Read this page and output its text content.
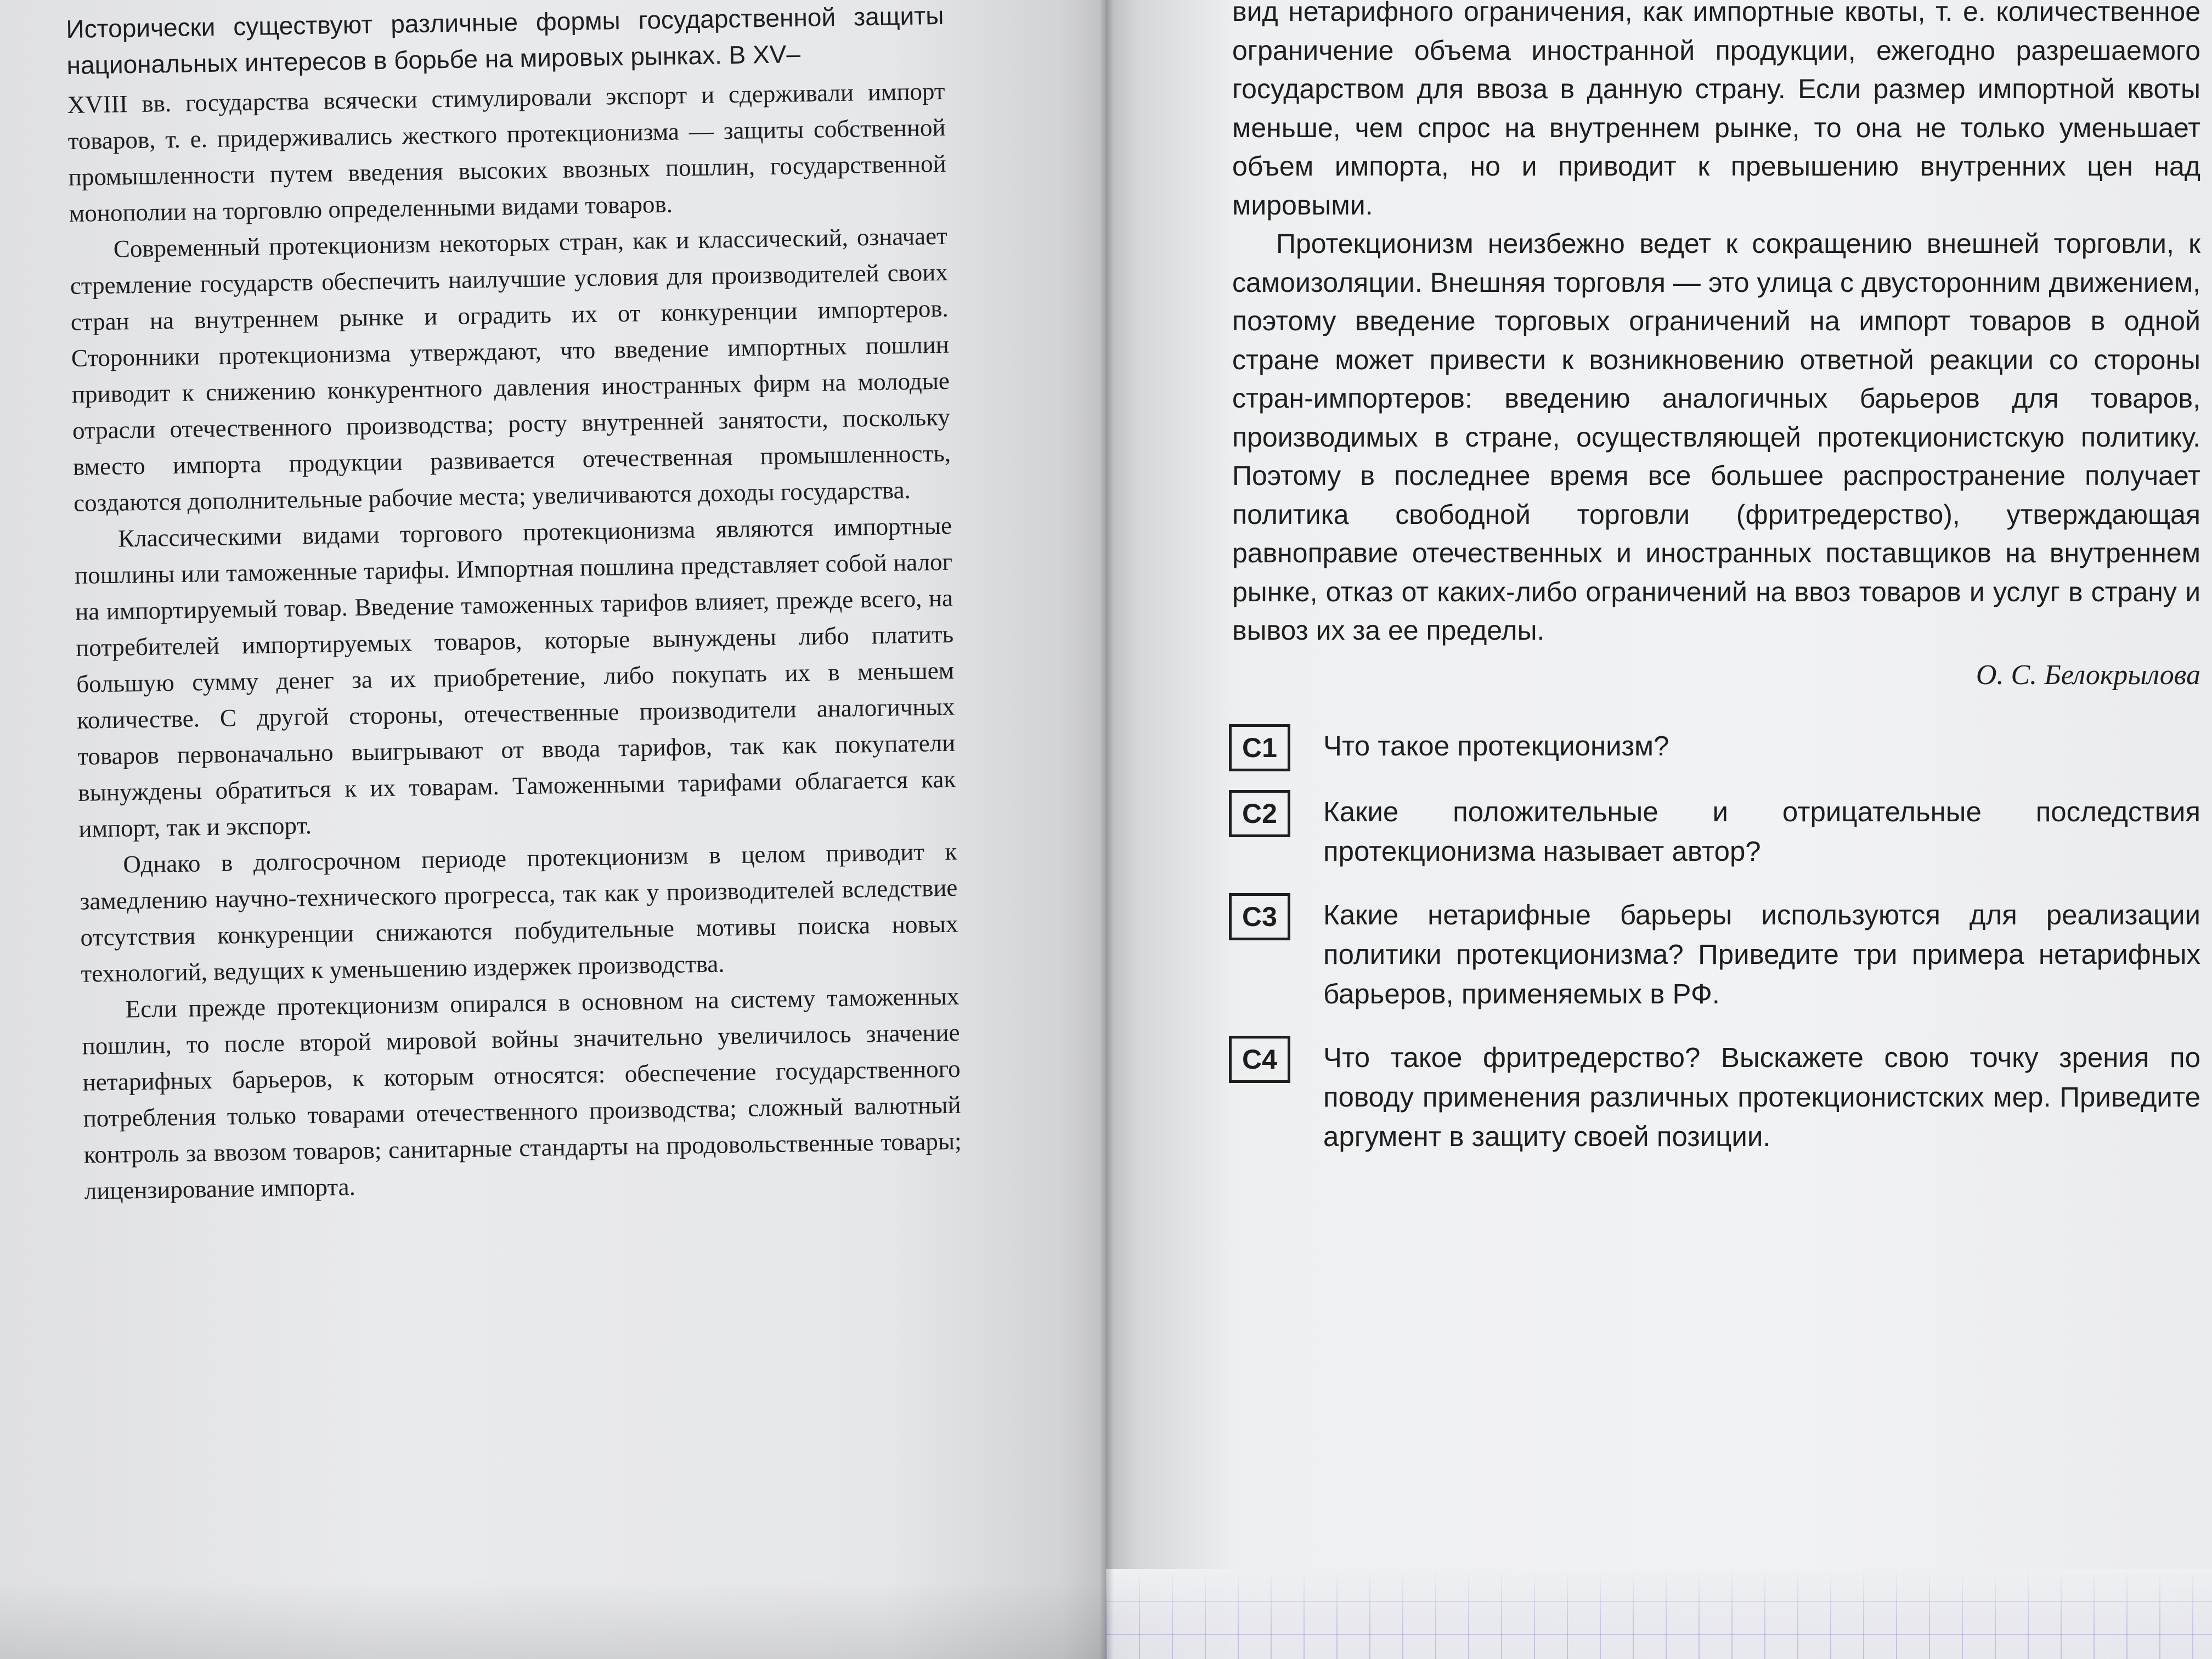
Исторически существуют различные формы государственной защиты национальных интересов в борьбе на мировых рынках. В XV–

XVIII вв. государства всячески стимулировали экспорт и сдерживали импорт товаров, т. е. придерживались жесткого протекционизма — защиты собственной промышленности путем введения высоких ввозных пошлин, государственной монополии на торговлю определенными видами товаров.

Современный протекционизм некоторых стран, как и классический, означает стремление государств обеспечить наилучшие условия для производителей своих стран на внутреннем рынке и оградить их от конкуренции импортеров. Сторонники протекционизма утверждают, что введение импортных пошлин приводит к снижению конкурентного давления иностранных фирм на молодые отрасли отечественного производства; росту внутренней занятости, поскольку вместо импорта продукции развивается отечественная промышленность, создаются дополнительные рабочие места; увеличиваются доходы государства.

Классическими видами торгового протекционизма являются импортные пошлины или таможенные тарифы. Импортная пошлина представляет собой налог на импортируемый товар. Введение таможенных тарифов влияет, прежде всего, на потребителей импортируемых товаров, которые вынуждены либо платить большую сумму денег за их приобретение, либо покупать их в меньшем количестве. С другой стороны, отечественные производители аналогичных товаров первоначально выигрывают от ввода тарифов, так как покупатели вынуждены обратиться к их товарам. Таможенными тарифами облагается как импорт, так и экспорт.

Однако в долгосрочном периоде протекционизм в целом приводит к замедлению научно-технического прогресса, так как у производителей вследствие отсутствия конкуренции снижаются побудительные мотивы поиска новых технологий, ведущих к уменьшению издержек производства.

Если прежде протекционизм опирался в основном на систему таможенных пошлин, то после второй мировой войны значительно увеличилось значение нетарифных барьеров, к которым относятся: обеспечение государственного потребления только товарами отечественного производства; сложный валютный контроль за ввозом товаров; санитарные стандарты на продовольственные товары; лицензирование импорта.

вид нетарифного ограничения, как импортные квоты, т. е. количественное ограничение объема иностранной продукции, ежегодно разрешаемого государством для ввоза в данную страну. Если размер импортной квоты меньше, чем спрос на внутреннем рынке, то она не только уменьшает объем импорта, но и приводит к превышению внутренних цен над мировыми.

Протекционизм неизбежно ведет к сокращению внешней торговли, к самоизоляции. Внешняя торговля — это улица с двусторонним движением, поэтому введение торговых ограничений на импорт товаров в одной стране может привести к возникновению ответной реакции со стороны стран-импортеров: введению аналогичных барьеров для товаров, производимых в стране, осуществляющей протекционистскую политику. Поэтому в последнее время все большее распространение получает политика свободной торговли (фритредерство), утверждающая равноправие отечественных и иностранных поставщиков на внутреннем рынке, отказ от каких-либо ограничений на ввоз товаров и услуг в страну и вывоз их за ее пределы.

О. С. Белокрылова

C1	Что такое протекционизм?
C2	Какие положительные и отрицательные последствия протекционизма называет автор?
C3	Какие нетарифные барьеры используются для реализации политики протекционизма? Приведите три примера нетарифных барьеров, применяемых в РФ.
C4	Что такое фритредерство? Выскажете свою точку зрения по поводу применения различных протекционистских мер. Приведите аргумент в защиту своей позиции.
